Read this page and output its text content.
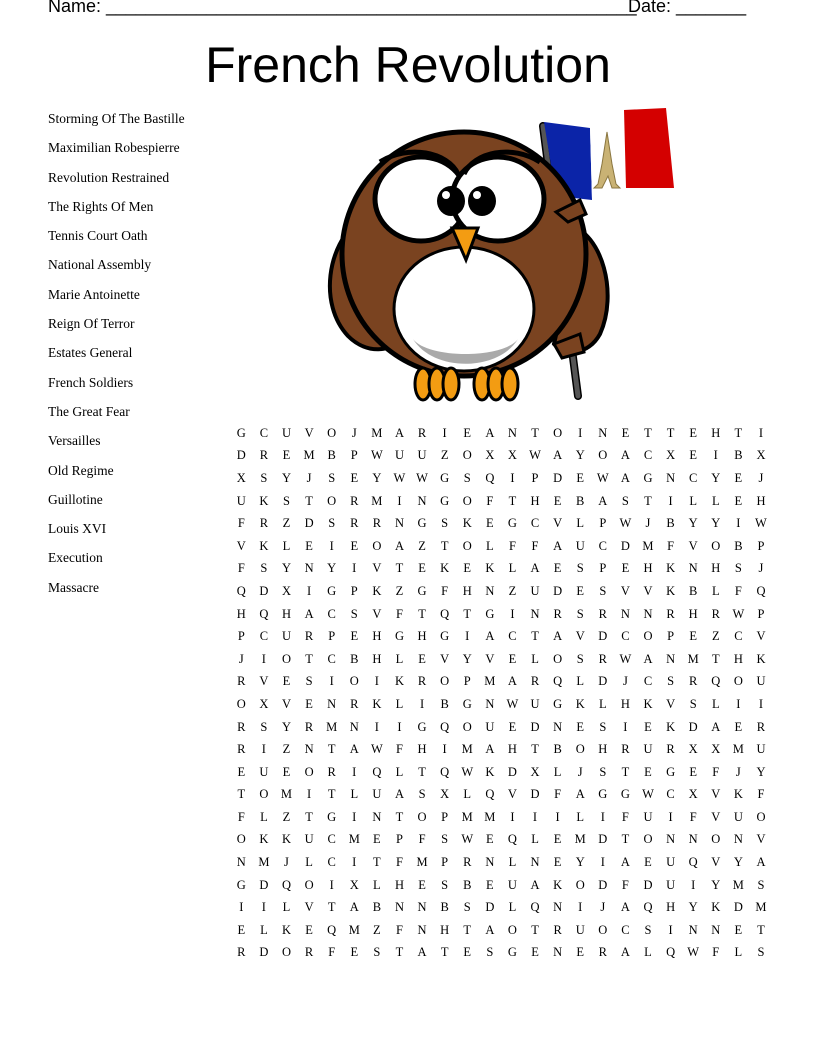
Name: _____________________________________________________
Date: _______
French Revolution
Storming Of The Bastille
Maximilian Robespierre
Revolution Restrained
The Rights Of Men
Tennis Court Oath
National Assembly
Marie Antoinette
Reign Of Terror
Estates General
French Soldiers
The Great Fear
Versailles
Old Regime
Guillotine
Louis XVI
Execution
Massacre
G	C	U	V	O	J	M	A	R	I	E	A	N	T	O	I	N	E	T	T	E	H	T	I
D	R	E	M	B	P	W	U	U	Z	O	X	X	W	A	Y	O	A	C	X	E	I	B	X
X	S	Y	J	S	E	Y	W	W	G	S	Q	I	P	D	E	W	A	G	N	C	Y	E	J
U	K	S	T	O	R	M	I	N	G	O	F	T	H	E	B	A	S	T	I	L	L	E	H
F	R	Z	D	S	R	R	N	G	S	K	E	G	C	V	L	P	W	J	B	Y	Y	I	W
V	K	L	E	I	E	O	A	Z	T	O	L	F	F	A	U	C	D	M	F	V	O	B	P
F	S	Y	N	Y	I	V	T	E	K	E	K	L	A	E	S	P	E	H	K	N	H	S	J
Q	D	X	I	G	P	K	Z	G	F	H	N	Z	U	D	E	S	V	V	K	B	L	F	Q
H	Q	H	A	C	S	V	F	T	Q	T	G	I	N	R	S	R	N	N	R	H	R	W	P
P	C	U	R	P	E	H	G	H	G	I	A	C	T	A	V	D	C	O	P	E	Z	C	V
J	I	O	T	C	B	H	L	E	V	Y	V	E	L	O	S	R	W	A	N	M	T	H	K
R	V	E	S	I	O	I	K	R	O	P	M	A	R	Q	L	D	J	C	S	R	Q	O	U
O	X	V	E	N	R	K	L	I	B	G	N	W	U	G	K	L	H	K	V	S	L	I	I
R	S	Y	R	M	N	I	I	G	Q	O	U	E	D	N	E	S	I	E	K	D	A	E	R
R	I	Z	N	T	A	W	F	H	I	M	A	H	T	B	O	H	R	U	R	X	X	M	U
E	U	E	O	R	I	Q	L	T	Q	W	K	D	X	L	J	S	T	E	G	E	F	J	Y
T	O	M	I	T	L	U	A	S	X	L	Q	V	D	F	A	G	G	W	C	X	V	K	F
F	L	Z	T	G	I	N	T	O	P	M	M	I	I	I	L	I	F	U	I	F	V	U	O
O	K	K	U	C	M	E	P	F	S	W	E	Q	L	E	M	D	T	O	N	N	O	N	V
N	M	J	L	C	I	T	F	M	P	R	N	L	N	E	Y	I	A	E	U	Q	V	Y	A
G	D	Q	O	I	X	L	H	E	S	B	E	U	A	K	O	D	F	D	U	I	Y	M	S
I	I	L	V	T	A	B	N	N	B	S	D	L	Q	N	I	J	A	Q	H	Y	K	D	M
E	L	K	E	Q	M	Z	F	N	H	T	A	O	T	R	U	O	C	S	I	N	N	E	T
R	D	O	R	F	E	S	T	A	T	E	S	G	E	N	E	R	A	L	Q	W	F	L	S
